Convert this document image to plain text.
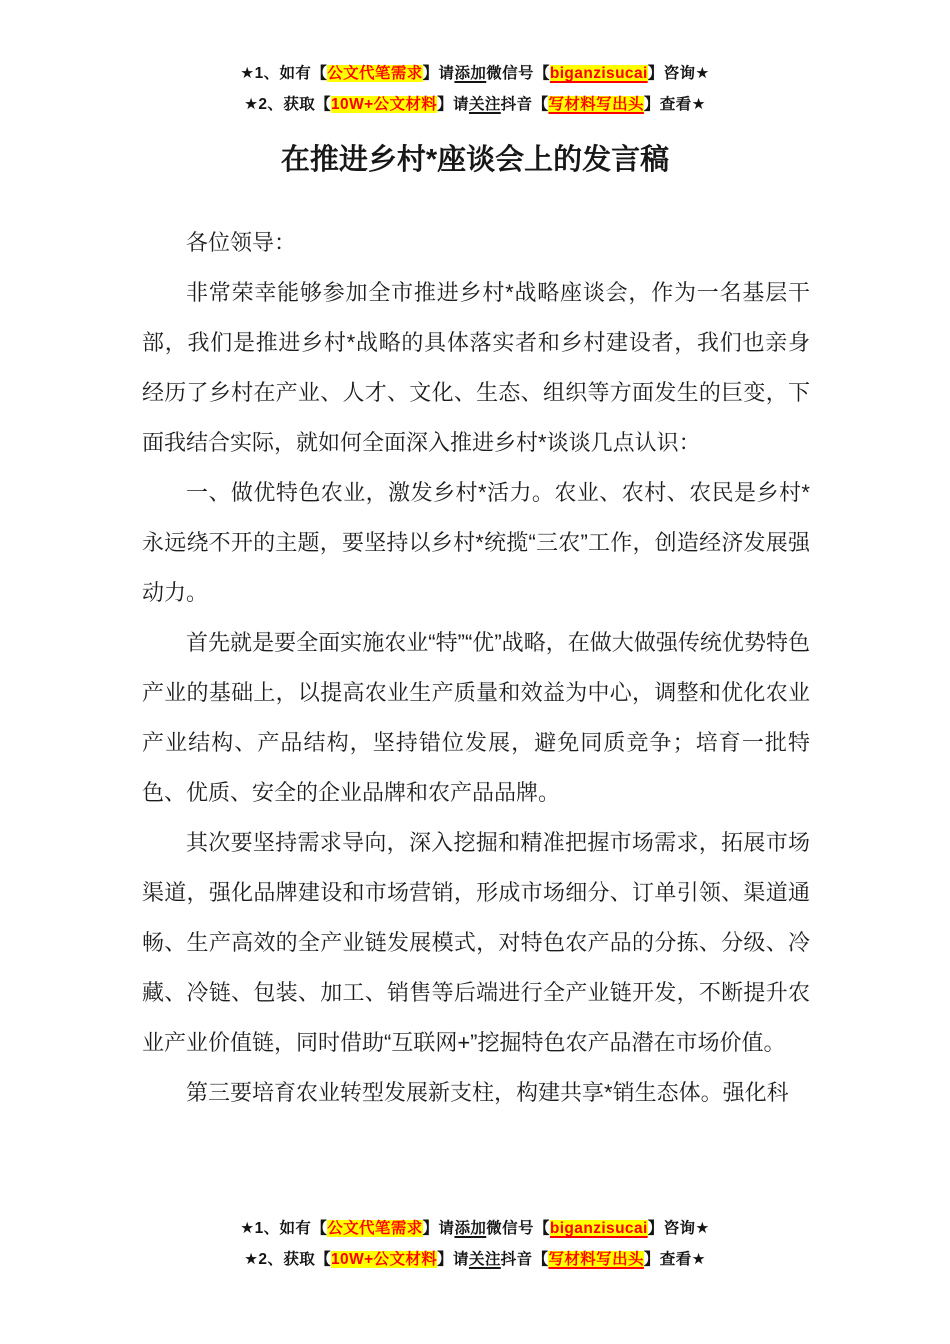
★1、如有【公文代笔需求】请添加微信号【biganzisucai】咨询★
★2、获取【10W+公文材料】请关注抖音【写材料写出头】查看★
在推进乡村*座谈会上的发言稿

各位领导：

非常荣幸能够参加全市推进乡村*战略座谈会，作为一名基层干部，我们是推进乡村*战略的具体落实者和乡村建设者，我们也亲身经历了乡村在产业、人才、文化、生态、组织等方面发生的巨变，下面我结合实际，就如何全面深入推进乡村*谈谈几点认识：

一、做优特色农业，激发乡村*活力。农业、农村、农民是乡村*永远绕不开的主题，要坚持以乡村*统揽“三农”工作，创造经济发展强动力。

首先就是要全面实施农业“特”“优”战略，在做大做强传统优势特色产业的基础上，以提高农业生产质量和效益为中心，调整和优化农业产业结构、产品结构，坚持错位发展，避免同质竞争；培育一批特色、优质、安全的企业品牌和农产品品牌。

其次要坚持需求导向，深入挖掘和精准把握市场需求，拓展市场渠道，强化品牌建设和市场营销，形成市场细分、订单引领、渠道通畅、生产高效的全产业链发展模式，对特色农产品的分拣、分级、冷藏、冷链、包装、加工、销售等后端进行全产业链开发，不断提升农业产业价值链，同时借助“互联网+”挖掘特色农产品潜在市场价值。

第三要培育农业转型发展新支柱，构建共享*销生态体。强化科

★1、如有【公文代笔需求】请添加微信号【biganzisucai】咨询★
★2、获取【10W+公文材料】请关注抖音【写材料写出头】查看★
